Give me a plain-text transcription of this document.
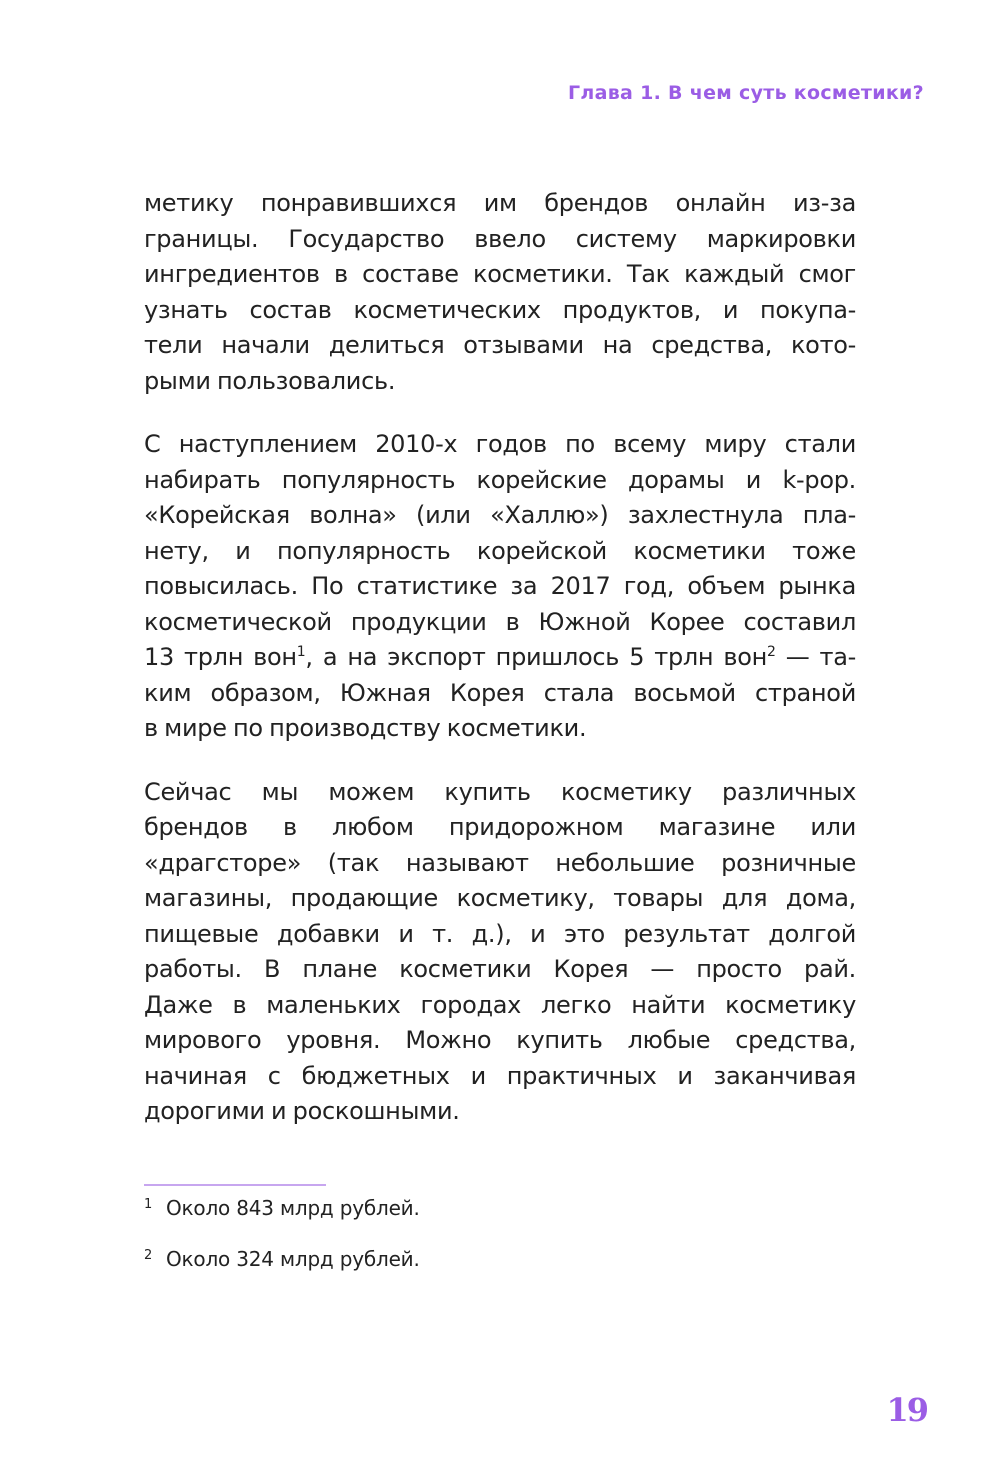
Глава 1. В чем суть косметики?

метику понравившихся им брендов онлайн из-за
границы. Государство ввело систему маркировки
ингредиентов в составе косметики. Так каждый смог
узнать состав косметических продуктов, и покупа-
тели начали делиться отзывами на средства, кото-
рыми пользовались.

С наступлением 2010-х годов по всему миру стали
набирать популярность корейские дорамы и k-pop.
«Корейская волна» (или «Халлю») захлестнула пла-
нету, и популярность корейской косметики тоже
повысилась. По статистике за 2017 год, объем рынка
косметической продукции в Южной Корее составил
13 трлн вон$^1$, а на экспорт пришлось 5 трлн вон$^2$ — та-
ким образом, Южная Корея стала восьмой страной
в мире по производству косметики.

Сейчас мы можем купить косметику различных
брендов в любом придорожном магазине или
«драгсторе» (так называют небольшие розничные
магазины, продающие косметику, товары для дома,
пищевые добавки и т. д.), и это результат долгой
работы. В плане косметики Корея — просто рай.
Даже в маленьких городах легко найти косметику
мирового уровня. Можно купить любые средства,
начиная с бюджетных и практичных и заканчивая
дорогими и роскошными.

1 Около 843 млрд рублей.
2 Около 324 млрд рублей.
19
